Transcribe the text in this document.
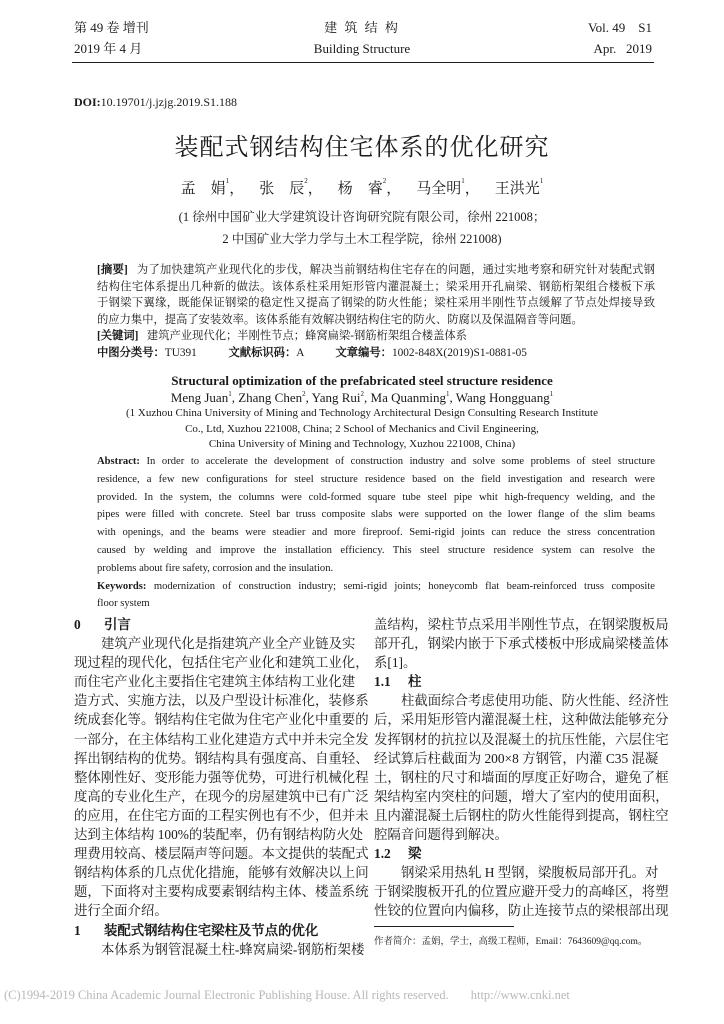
第 49 卷 增刊
2019 年 4 月
建 筑 结 构
Building Structure
Vol. 49    S1
Apr.   2019
DOI:10.19701/j.jzjg.2019.S1.188
装配式钢结构住宅体系的优化研究
孟　娟$^1$， 张　辰$^2$， 杨　睿$^2$， 马全明$^1$， 王洪光$^1$
(1 徐州中国矿业大学建筑设计咨询研究院有限公司，徐州 221008；
2 中国矿业大学力学与土木工程学院，徐州 221008)
[摘要] 为了加快建筑产业现代化的步伐，解决当前钢结构住宅存在的问题，通过实地考察和研究针对装配式钢
结构住宅体系提出几种新的做法。该体系柱采用矩形管内灌混凝土；梁采用开孔扁梁、钢筋桁架组合楼板下承
于钢梁下翼缘，既能保证钢梁的稳定性又提高了钢梁的防火性能；梁柱采用半刚性节点缓解了节点处焊接导致
的应力集中，提高了安装效率。该体系能有效解决钢结构住宅的防火、防腐以及保温隔音等问题。
[关键词] 建筑产业现代化；半刚性节点；蜂窝扁梁-钢筋桁架组合楼盖体系
中图分类号：TU391	文献标识码：A	文章编号：1002-848X(2019)S1-0881-05
Structural optimization of the prefabricated steel structure residence
Meng Juan$^1$, Zhang Chen$^2$, Yang Rui$^2$, Ma Quanming$^1$, Wang Hongguang$^1$
(1 Xuzhou China University of Mining and Technology Architectural Design Consulting Research Institute
Co., Ltd, Xuzhou 221008, China; 2 School of Mechanics and Civil Engineering,
China University of Mining and Technology, Xuzhou 221008, China)
Abstract: In order to accelerate the development of construction industry and solve some problems of steel structure
residence, a few new configurations for steel structure residence based on the field investigation and research were
provided. In the system, the columns were cold-formed square tube steel pipe whit high-frequency welding, and the
pipes were filled with concrete. Steel bar truss composite slabs were supported on the lower flange of the slim beams
with openings, and the beams were steadier and more fireproof. Semi-rigid joints can reduce the stress concentration
caused by welding and improve the installation efficiency. This steel structure residence system can resolve the
problems about fire safety, corrosion and the insulation.
Keywords: modernization of construction industry; semi-rigid joints; honeycomb flat beam-reinforced truss composite
floor system
0 引言
建筑产业现代化是指建筑产业全产业链及实
现过程的现代化，包括住宅产业化和建筑工业化，
而住宅产业化主要指住宅建筑主体结构工业化建
造方式、实施方法，以及户型设计标准化，装修系
统成套化等。钢结构住宅做为住宅产业化中重要的
一部分，在主体结构工业化建造方式中并未完全发
挥出钢结构的优势。钢结构具有强度高、自重轻、
整体刚性好、变形能力强等优势，可进行机械化程
度高的专业化生产，在现今的房屋建筑中已有广泛
的应用，在住宅方面的工程实例也有不少，但并未
达到主体结构 100%的装配率，仍有钢结构防火处
理费用较高、楼层隔声等问题。本文提供的装配式
钢结构体系的几点优化措施，能够有效解决以上问
题，下面将对主要构成要素钢结构主体、楼盖系统
进行全面介绍。
1 装配式钢结构住宅梁柱及节点的优化
本体系为钢管混凝土柱-蜂窝扁梁-钢筋桁架楼
盖结构，梁柱节点采用半刚性节点，在钢梁腹板局
部开孔，钢梁内嵌于下承式楼板中形成扁梁楼盖体
系[1]。
1.1 柱
柱截面综合考虑使用功能、防火性能、经济性
后，采用矩形管内灌混凝土柱，这种做法能够充分
发挥钢材的抗拉以及混凝土的抗压性能，六层住宅
经试算后柱截面为 200×8 方钢管，内灌 C35 混凝
土，钢柱的尺寸和墙面的厚度正好吻合，避免了框
架结构室内突柱的问题，增大了室内的使用面积，
且内灌混凝土后钢柱的防火性能得到提高，钢柱空
腔隔音问题得到解决。
1.2 梁
钢梁采用热轧 H 型钢，梁腹板局部开孔。对
于钢梁腹板开孔的位置应避开受力的高峰区，将塑
性铰的位置向内偏移，防止连接节点的梁根部出现
作者简介：孟娟，学士，高级工程师，Email：7643609@qq.com。
(C)1994-2019 China Academic Journal Electronic Publishing House. All rights reserved. http://www.cnki.net
